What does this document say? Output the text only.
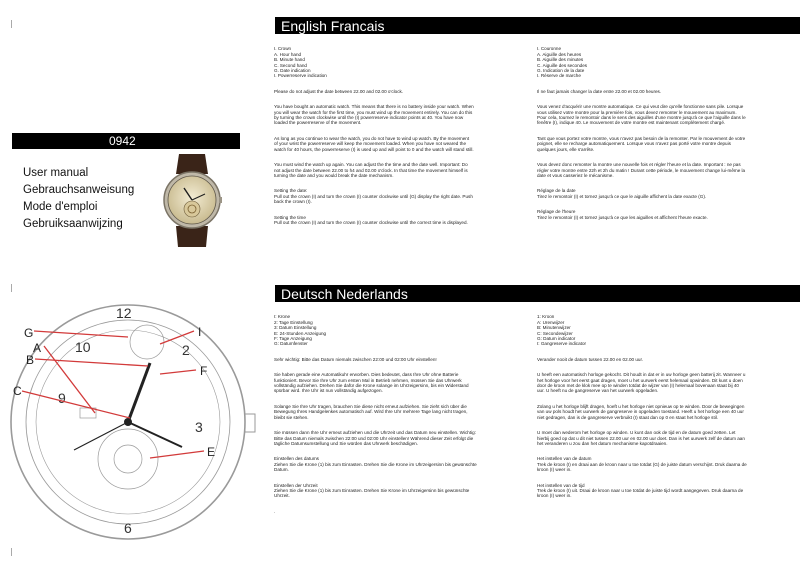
English Francais
Deutsch Nederlands
0942
User manual
Gebrauchsanweisung
Mode d'emploi
Gebruiksaanwijzing
12
2
3
6
9
10
G
A
B
C
I
F
E

I. Crown
A. Hour hand
B. Minute hand
C. Second hand
G. Date indication
I. Powerreserve indication

Please do not adjust the date between 22.00 and 02.00 o'clock.

You have bought an automatic watch. This means that there is no battery inside your watch. When you will wear the watch for the first time, you must wind up the movement entirely. You can do this by turning the crown clockwise until the (I) powerreserve indicator points at 40. You have now loaded the powerreserve of the movement.

As long as you continue to wear the watch, you do not have to wind up watch. By the movement of your wrist the powerreserve will keep the movement loaded. When you have not weared the watch for 40 hours, the powerreserve (I) is used up and will point to 0 and the watch will stand still.

You must wind the watch up again. You can adjust the the time and the date well. Important: Do not adjust the date between 22.00 to h4 and 02.00 o'clock. In that time the movement himself is turning the date and you would break the date mechanism.

Setting the date:
Pull out the crown (I) and turn the crown (I) counter clockwise until (G) display the right date. Push back the crown (I).

Setting the time
Pull out the crown (I) and turn the crown (I) counter clockwise until the correct time is displayed.

I. Couronne
A. Aiguille des heures
B. Aiguille des minutes
C. Aiguille des secondes
G. Indication de la date
I. Réserve de marche

Il ne faut jamais changer la date entre 22.00 et 02.00 heures.

Vous venez d'acquérir une montre automatique. Ce qui veut dire qu'elle fonctionne sans pile. Lorsque vous utilisez votre montre pour la première fois, vous devez remonter le mouvement au maximum. Pour cela, tournez le remontoir dans le sens des aiguilles d'une montre jusqu'à ce que l'aiguille dans le fenêtre (I), indique 40. Le mouvement de votre montre est maintenant complètement chargé.

Tant que vous portez votre montre, vous n'avez pas besoin de la remonter. Par le mouvement de votre poignet, elle se recharge automatiquement. Lorsque vous n'avez pas porté votre montre depuis quelques jours, elle s'arrête.

Vous devez donc remonter la montre une nouvelle fois et régler l'heure et la date. Important : ne pas régler votre montre entre 22h et 2h du matin ! Durant cette période, le mouvement change lui-même la date et vous casseriez le mécanisme.

Réglage de la date
Tirez le remontoir (I) et tornez jusqu'à ce que le aiguille affichent la date exacte (G).

Réglage de l'heure
Tirez le remontoir (I) et tornez jusqu'à ce que les aiguilles et affichent l'heure exacte.

I: Krone
2: Tage Einstellung
3: Datum Einstellung
E: 24-Stunden Anzeigung
F: Tage Anzeigung
G: Datumfenster

Sehr wichtig: Bitte das Datum niemals zwischen 22:00 und 02:00 Uhr einstellen!

Sie haben gerade eine Automatikuhr erworben. Dies bedeutet, dass Ihre Uhr ohne Batterie funktioniert. Bevor Sie Ihre Uhr zum ersten Mal in Betrieb nehmen, müssen Sie das Uhrwerk vollständig aufziehen. Drehen Sie dafür die Krone solange im Uhrzeigersinn, bis ein Widerstand spürbar wird. Ihre Uhr ist nun vollständig aufgezogen.

Solange Sie Ihre Uhr tragen, brauchen Sie diese nicht erneut aufziehen. Sie zieht sich über die Bewegung Ihres Handgelenkes automatisch auf. Wird Ihre Uhr mehrere Tage lang nicht tragen, bleibt sie stehen.

Sie müssen dann Ihre Uhr erneut aufziehen und die Uhrzeit und das Datum neu einstellen. Wichtig: Bitte das Datum niemals zwischen 22:00 und 02:00 Uhr einstellen! Während dieser Zeit erfolgt die tägliche Datumsumstellung und Sie würden das Uhrwerk beschädigen.

Einstellen des datums
Ziehen Sie die Krone (1) bis zum Einrasten. Drehen Sie die Krone im Uhrzeigersinn bis gewünschte Datum.

Einstellen der Uhrzeit
Ziehen Sie die Krone (1) bis zum Einrasten. Drehen Sie Krone im Uhrzeigersinn bis gewünschte Uhrzeit.

.

1: Kroon
A: Urenwijzer
B: Minutenwijzer
C: Secondewijzer
G: Datum indicator
I: Gangreserve indicator

Verander nooit de datum tussen 22.00 en 02.00 uur.

U heeft een automatisch horloge gekocht. Dit houdt in dat er in uw horloge geen batterij zit. Wanneer u het horloge voor het eerst gaat dragen, moet u het uurwerk eerst helemaal opwinden. Dit kunt u doen door de kroon met de klok mee op te winden totdat de wijzer van (I) helemaal bovenaan staat bij 40 uur. U heeft nu de gangreserve van het uurwerk opgeladen.

Zolang u het horloge blijft dragen, hoeft u het horloge niet opnieuw op te winden. Door de bewegingen van uw pols houdt het uurwerk de gangreserve in opgeladen toestand. Heeft u het horloge een 40 uur niet gedragen, dan is de gangreserve verbruikt (I) staat dan op 0 en staat het horloge stil.

U moet dan wederom het horloge op winden. U kunt dan ook de tijd en de datum goed zetten. Let hierbij goed op dat u dit niet tussen 22.00 uur en 02.00 uur doet. Dan is het uurwerk zelf de datum aan het veranderen u zou dan het datum mechanisme kapotdraaien.

Het instellen van de datum
Trek de kroon (I) en draai aan de kroon naar u toe totdat (G) de juiste datum verschijnt. Druk daarna de kroon (I) weer in.

Het instellen van de tijd
Trek de kroon (I) uit. Draai de kroon naar u toe totdat de juiste tijd wordt aangegeven. Druk daarna de kroon (I) weer in.
